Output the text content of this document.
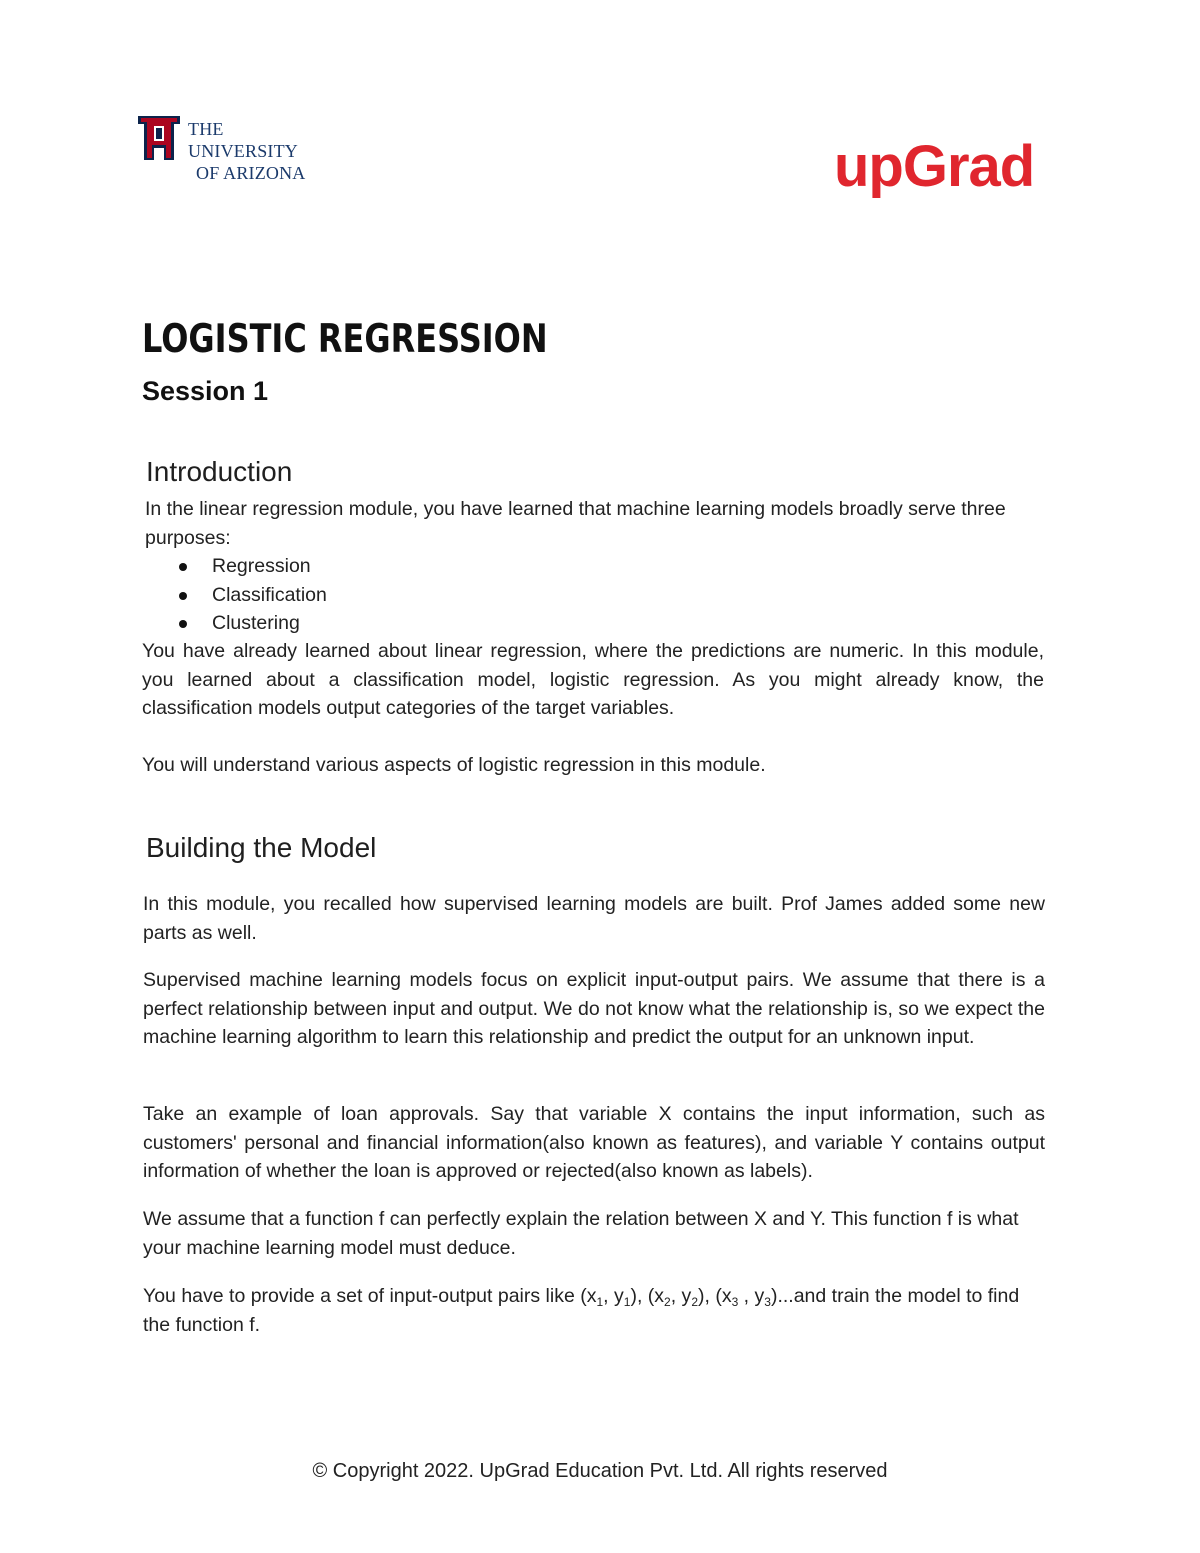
THE UNIVERSITY
OF ARIZONA	upGrad
LOGISTIC REGRESSION
Session 1
Introduction

In the linear regression module, you have learned that machine learning models broadly serve three purposes:

Regression
Classification
Clustering

You have already learned about linear regression, where the predictions are numeric. In this module, you learned about a classification model, logistic regression. As you might already know, the classification models output categories of the target variables.

You will understand various aspects of logistic regression in this module.

Building the Model

In this module, you recalled how supervised learning models are built. Prof James added some new parts as well.

Supervised machine learning models focus on explicit input-output pairs. We assume that there is a perfect relationship between input and output. We do not know what the relationship is, so we expect the machine learning algorithm to learn this relationship and predict the output for an unknown input.

Take an example of loan approvals. Say that variable X contains the input information, such as customers' personal and financial information(also known as features), and variable Y contains output information of whether the loan is approved or rejected(also known as labels).

We assume that a function f can perfectly explain the relation between X and Y. This function f is what your machine learning model must deduce.

You have to provide a set of input-output pairs like ($x_1$, $y_1$), ($x_2$, $y_2$), ($x_3$ , $y_3)...and$ train the model to find the function f.

© Copyright 2022. UpGrad Education Pvt. Ltd. All rights reserved
